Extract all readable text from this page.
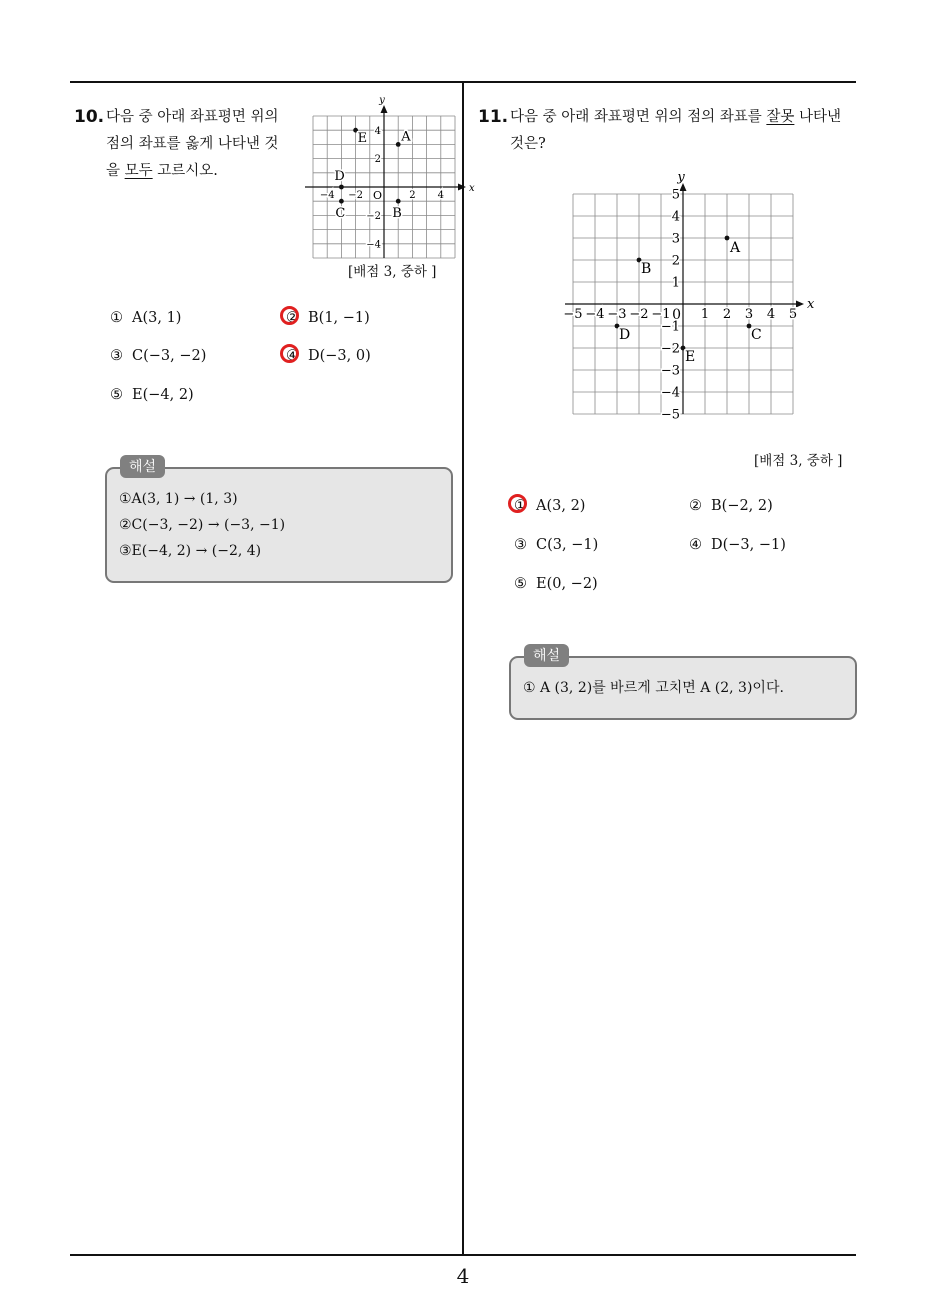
4
10. 다음 중 아래 좌표평면 위의
점의 좌표를 옳게 나타낸 것
을 모두 고르시오.
x
y
O
−4 −2	2 4
4
2
−2
−4
A
B
C
D
E
[배점 3, 중하 ]
① A(3, 1)	② B(1, −1)
③ C(−3, −2)	④ D(−3, 0)
⑤ E(−4, 2)
①A(3, 1) → (1, 3)
②C(−3, −2) → (−3, −1)
③E(−4, 2) → (−2, 4)
해설
11. 다음 중 아래 좌표평면 위의 점의 좌표를 잘못 나타낸
것은?
x
y
0
−5 −4 −3 −2 −1 1 2 3 4 5
5
4
3
2
1
−1
−2
−3
−4
−5
A
B
C
D
E
[배점 3, 중하 ]
① A(3, 2)	② B(−2, 2)
③ C(3, −1)	④ D(−3, −1)
⑤ E(0, −2)
① A (3, 2)를 바르게 고치면 A (2, 3)이다.
해설
